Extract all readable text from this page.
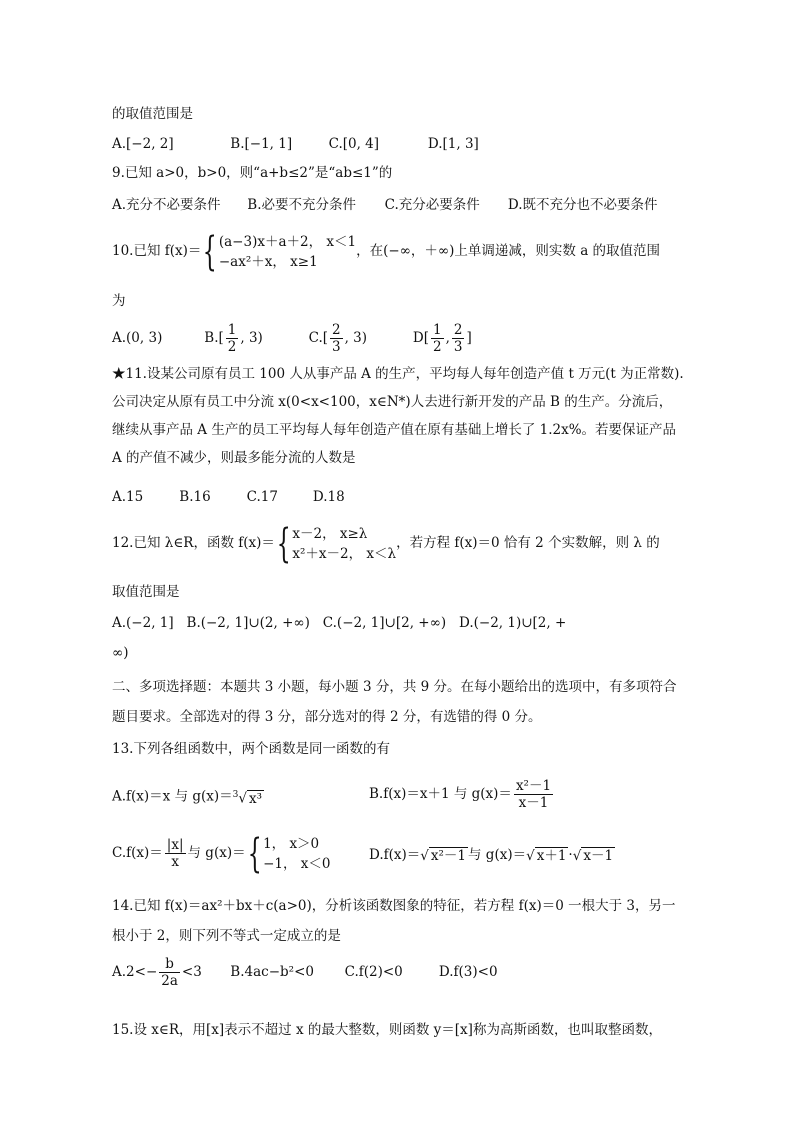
的取值范围是
A.[−2, 2]	B.[−1, 1]	C.[0, 4]	D.[1, 3]
9.已知 a>0，b>0，则“a+b≤2”是“ab≤1”的
A.充分不必要条件 B.必要不充分条件 C.充分必要条件 D.既不充分也不必要条件
10.已知 f(x)＝{ (a−3)x＋a＋2， x＜1
−ax²＋x， x≥1
，在(−∞，＋∞)上单调递减，则实数 a 的取值范围
为
A.(0, 3)	$B.[ \frac{1}{2}$ , 3)	$C.[ \frac{2}{3}$ , 3)	$D[ \frac{1}{2}$ , $\frac{2}{3}$ ]
★11.设某公司原有员工 100 人从事产品 A 的生产，平均每人每年创造产值 t 万元(t 为正常数).公司决定从原有员工中分流 x(0<x<100，x∈N*)人去进行新开发的产品 B 的生产。分流后，继续从事产品 A 生产的员工平均每人每年创造产值在原有基础上增长了 1.2x%。若要保证产品 A 的产值不减少，则最多能分流的人数是
A.15	B.16	C.17	D.18
12.已知 λ∈R，函数 f(x)＝{ x－2， x≥λ
x²＋x－2， x＜λ
，若方程 f(x)＝0 恰有 2 个实数解，则 λ 的
取值范围是
A.(−2, 1]   B.(−2, 1]∪(2, +∞)   C.(−2, 1]∪[2, +∞)   D.(−2, 1)∪[2, +
∞)
二、多项选择题：本题共 3 小题，每小题 3 分，共 9 分。在每小题给出的选项中，有多项符合题目要求。全部选对的得 3 分，部分选对的得 2 分，有选错的得 0 分。
13.下列各组函数中，两个函数是同一函数的有
A.f(x)＝x 与 g(x)＝$^3$√ x³	B.f(x)＝x＋1 与 $g(x)= \frac{\text{x²－1}}{x-1}$
$C.f(x)= \frac{|x|}{x}$ 与 g(x)＝{ 1， x＞0
−1， x＜0
D.f(x)＝√ x²－1 与 g(x)＝√ x＋1 ·√ x－1
14.已知 f(x)＝ax²＋bx＋c(a>0)，分析该函数图象的特征，若方程 f(x)＝0 一根大于 3，另一根小于 2，则下列不等式一定成立的是
$A.2<- \frac{b}{2a} <3$ B.4ac−b²<0 C.f(2)<0	D.f(3)<0
15.设 x∈R，用[x]表示不超过 x 的最大整数，则函数 y＝[x]称为高斯函数，也叫取整函数，
